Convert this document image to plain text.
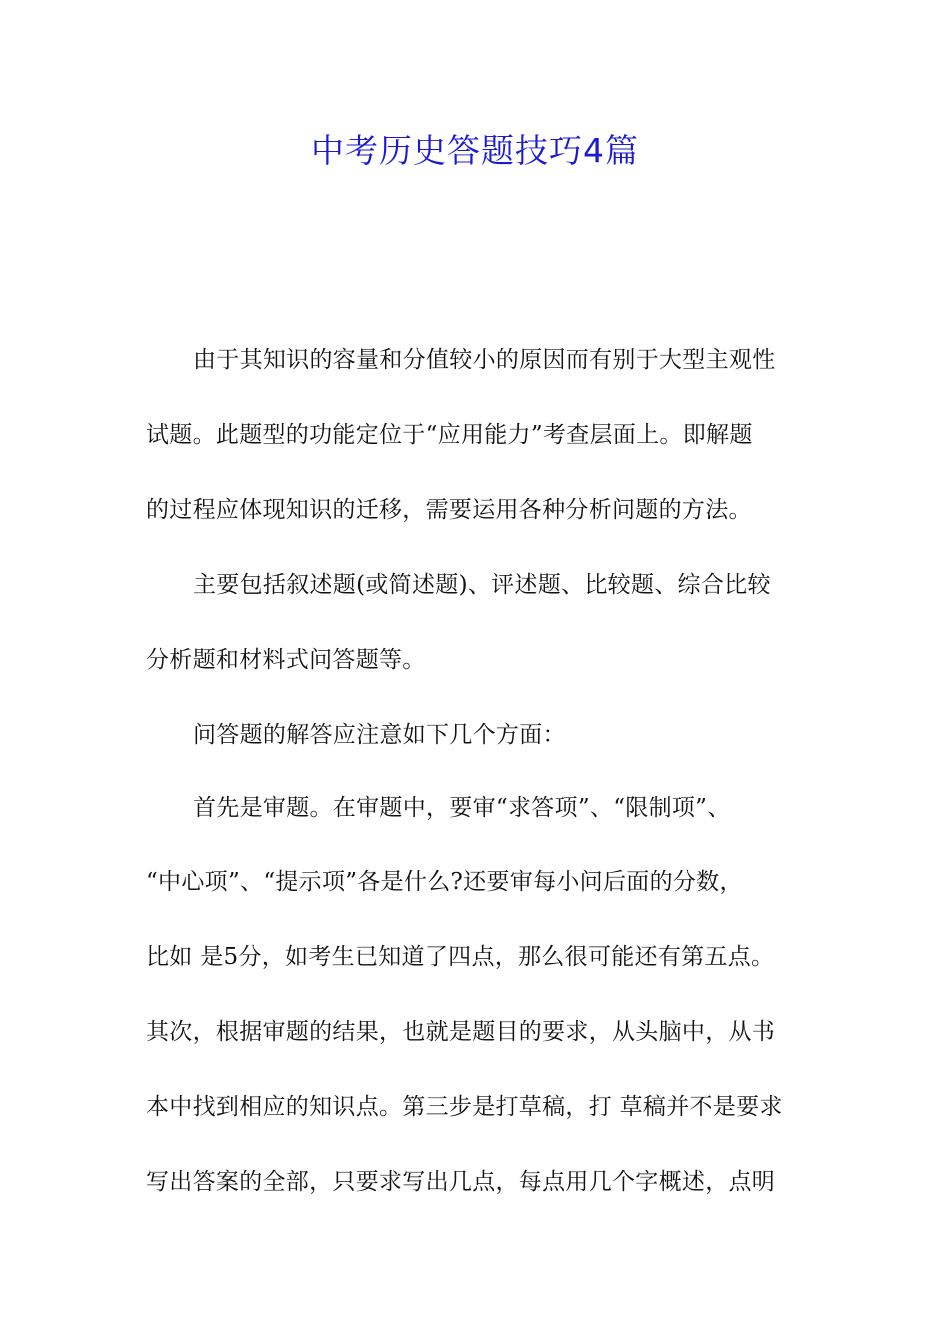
中考历史答题技巧4篇
由于其知识的容量和分值较小的原因而有别于大型主观性
试题。此题型的功能定位于“应用能力”考查层面上。即解题
的过程应体现知识的迁移，需要运用各种分析问题的方法。
主要包括叙述题(或简述题)、评述题、比较题、综合比较
分析题和材料式问答题等。
问答题的解答应注意如下几个方面：
首先是审题。在审题中，要审“求答项”、“限制项”、
“中心项”、“提示项”各是什么?还要审每小问后面的分数，
比如 是5分，如考生已知道了四点，那么很可能还有第五点。
其次，根据审题的结果，也就是题目的要求，从头脑中，从书
本中找到相应的知识点。第三步是打草稿，打 草稿并不是要求
写出答案的全部，只要求写出几点，每点用几个字概述，点明
